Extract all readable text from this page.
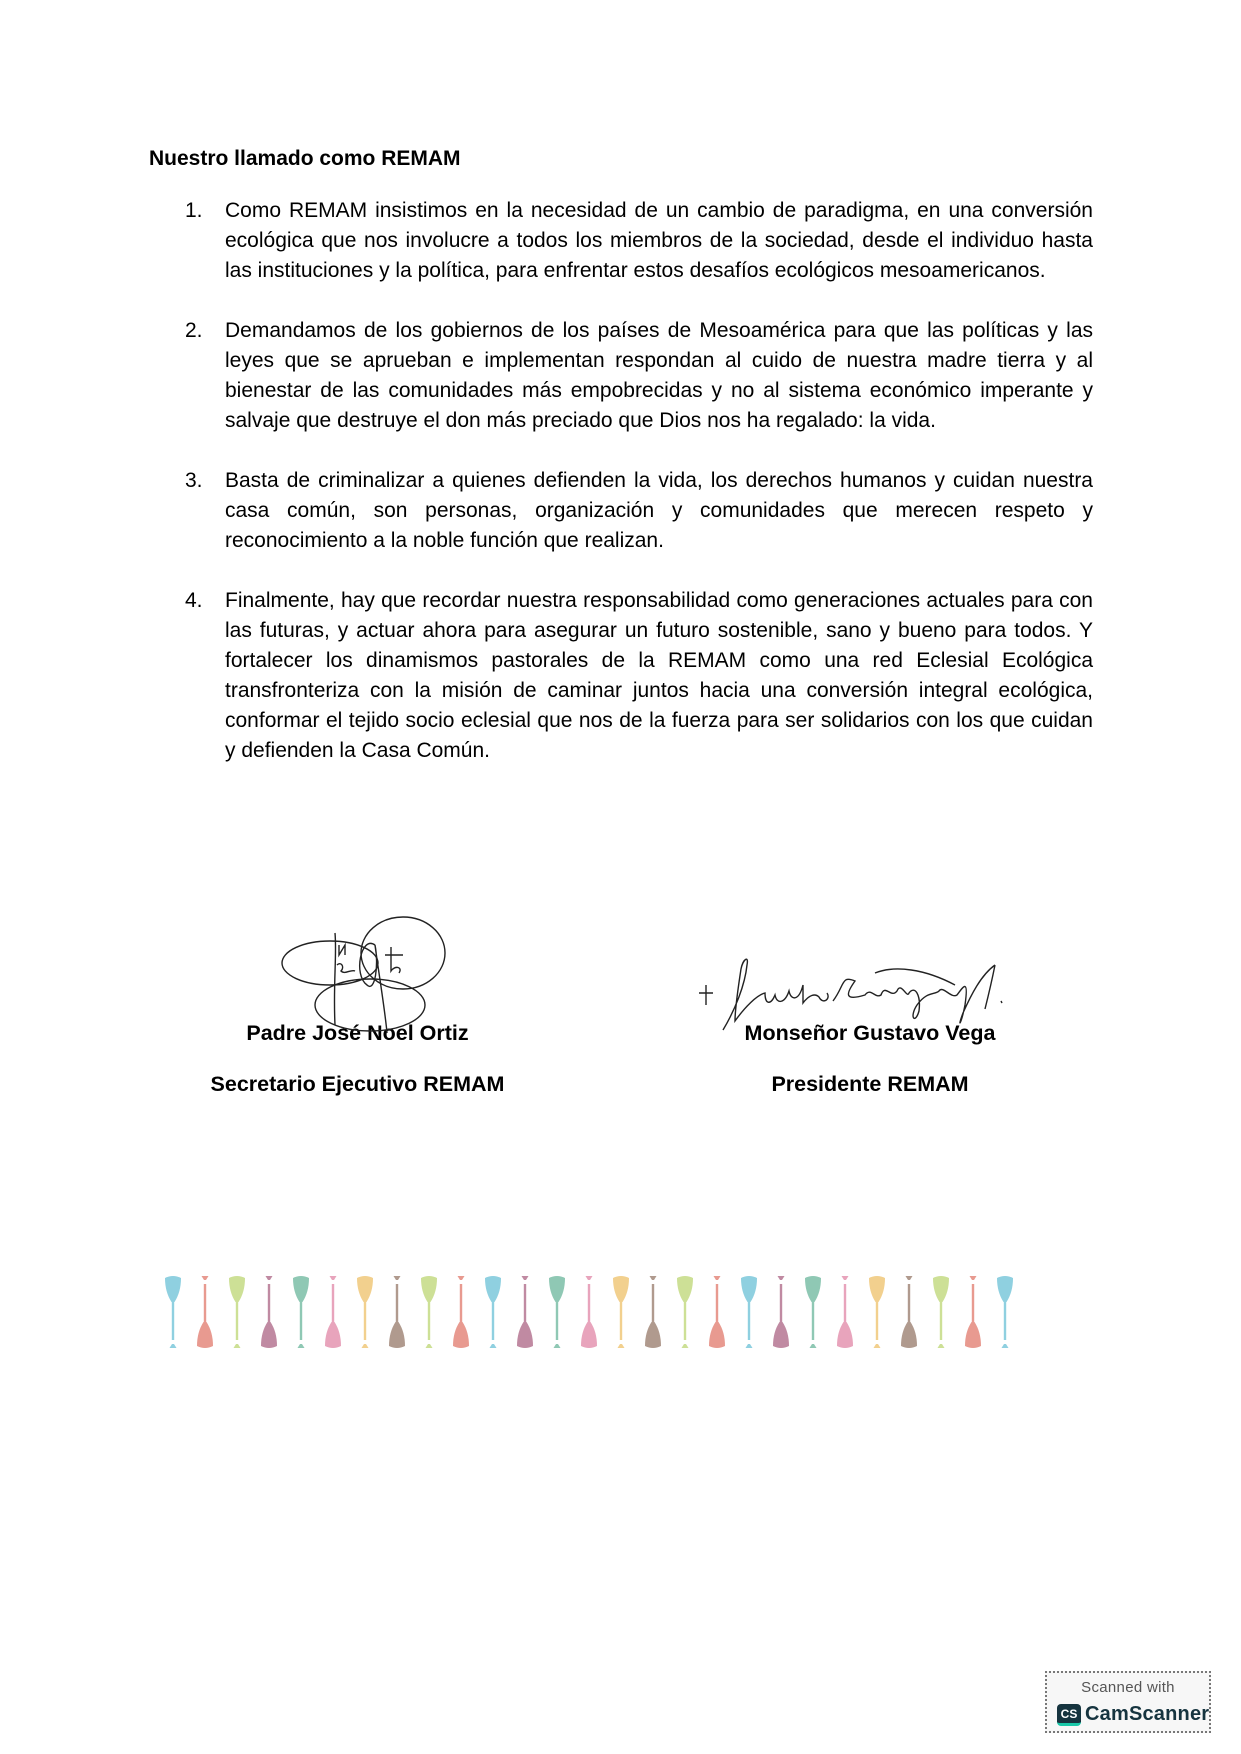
Nuestro llamado como REMAM
1. Como REMAM insistimos en la necesidad de un cambio de paradigma, en una conversión ecológica que nos involucre a todos los miembros de la sociedad, desde el individuo hasta las instituciones y la política, para enfrentar estos desafíos ecológicos mesoamericanos.
2. Demandamos de los gobiernos de los países de Mesoamérica para que las políticas y las leyes que se aprueban e implementan respondan al cuido de nuestra madre tierra y al bienestar de las comunidades más empobrecidas y no al sistema económico imperante y salvaje que destruye el don más preciado que Dios nos ha regalado: la vida.
3. Basta de criminalizar a quienes defienden la vida, los derechos humanos y cuidan nuestra casa común, son personas, organización y comunidades que merecen respeto y reconocimiento a la noble función que realizan.
4. Finalmente, hay que recordar nuestra responsabilidad como generaciones actuales para con las futuras, y actuar ahora para asegurar un futuro sostenible, sano y bueno para todos. Y fortalecer los dinamismos pastorales de la REMAM como una red Eclesial Ecológica transfronteriza con la misión de caminar juntos hacia una conversión integral ecológica, conformar el tejido socio eclesial que nos de la fuerza para ser solidarios con los que cuidan y defienden la Casa Común.
Padre José Noel Ortiz
Secretario Ejecutivo REMAM
Monseñor Gustavo Vega
Presidente REMAM
Scanned with
CS CamScanner
